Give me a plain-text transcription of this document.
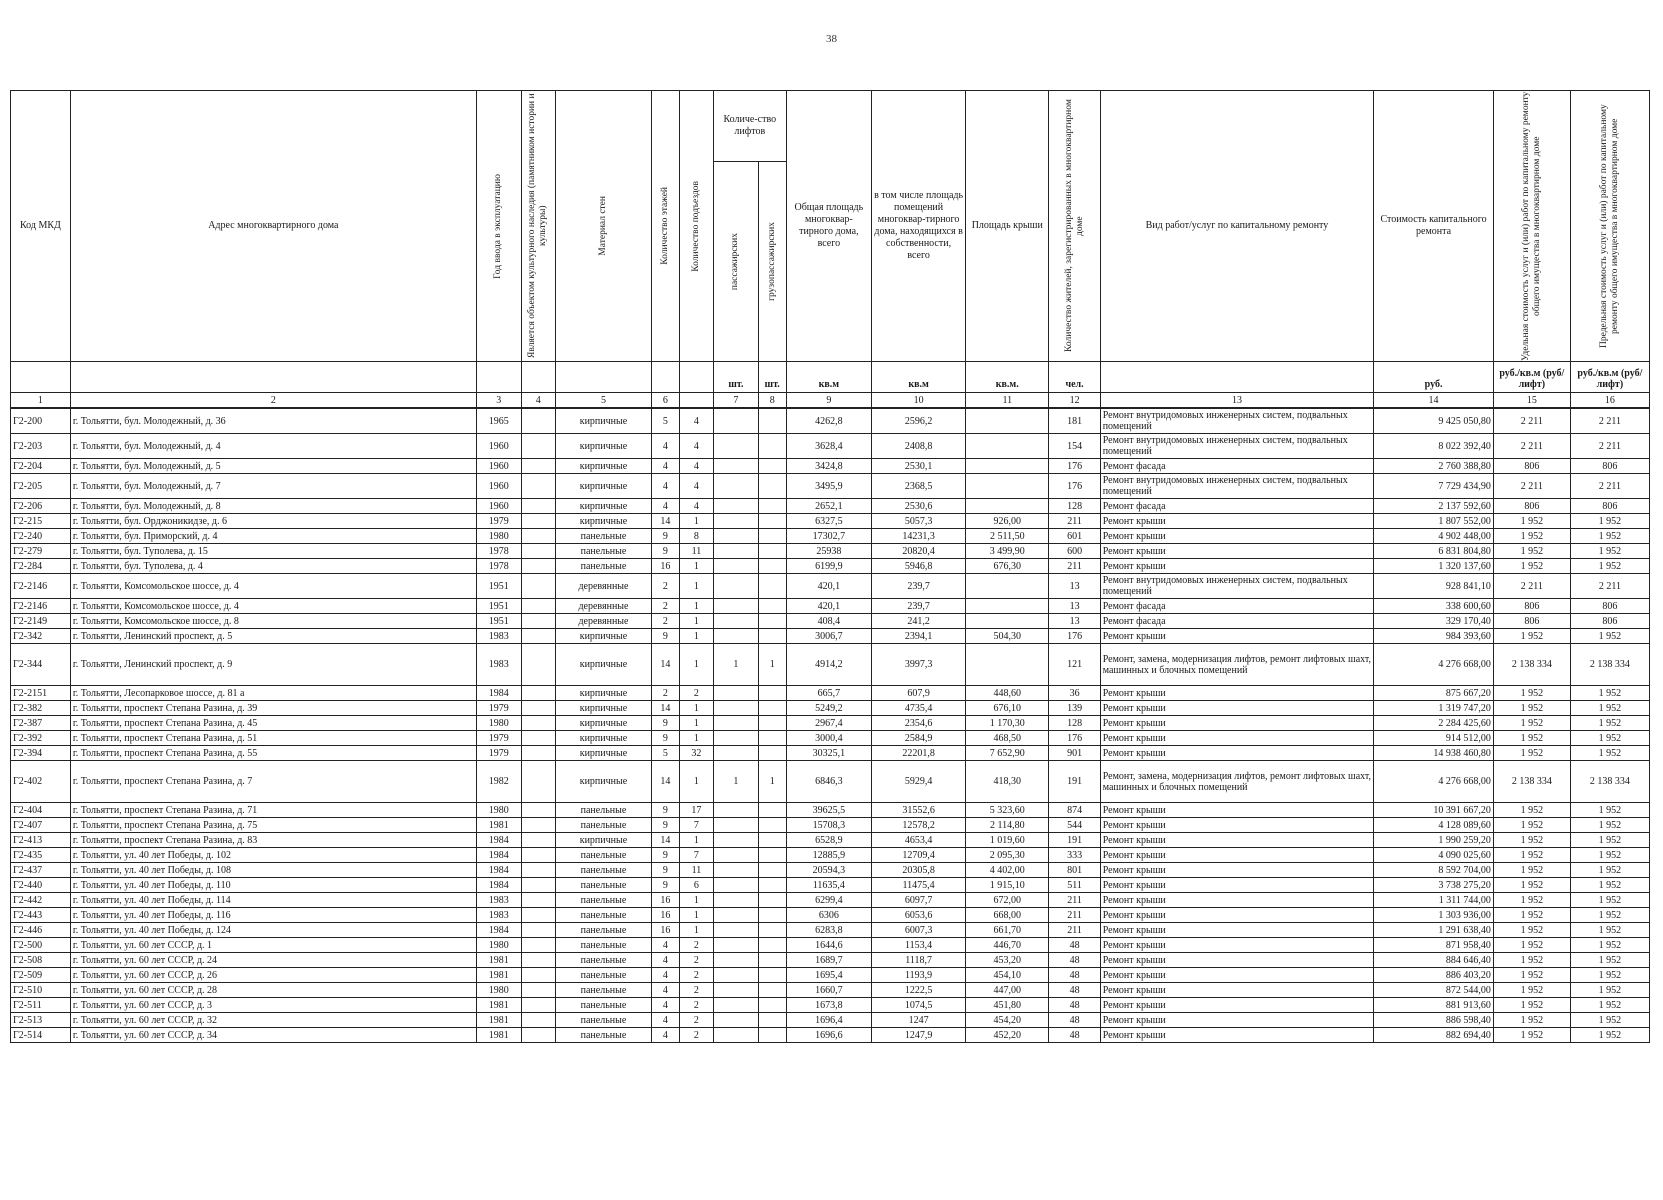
38
Код МКД	Адрес многоквартирного дома	Год ввода в эксплуатацию	Является объектом культурного наследия (памятником истории и культуры)	Материал стен	Количество этажей	Количество подъездов	Количе-ство лифтов		Общая площадь многоквар-тирного дома, всего	в том числе площадь помещений многоквар-тирного дома, находящихся в собственности, всего	Площадь крыши	Количество жителей, зарегистрированных в многоквартирном доме	Вид работ/услуг по капитальному ремонту	Стоимость капитального ремонта	Удельная стоимость услуг и (или) работ по капитальному ремонту общего имущества в многоквартирном доме	Предельная стоимость услуг и (или) работ по капитальному ремонту общего имущества в многоквартирном доме

							пассажирских	грузопассажирских								

							шт.	шт.	кв.м	кв.м	кв.м.	чел.		руб.	руб./кв.м (руб/лифт)	руб./кв.м (руб/лифт)
1	2	3	4	5	6		7	8	9	10	11	12	13	14	15	16
Г2-200	г. Тольятти, бул. Молодежный, д. 36	1965		кирпичные	5	4			4262,8	2596,2		181	Ремонт внутридомовых инженерных систем, подвальных помещений	9 425 050,80	2 211	2 211
Г2-203	г. Тольятти, бул. Молодежный, д. 4	1960		кирпичные	4	4			3628,4	2408,8		154	Ремонт внутридомовых инженерных систем, подвальных помещений	8 022 392,40	2 211	2 211
Г2-204	г. Тольятти, бул. Молодежный, д. 5	1960		кирпичные	4	4			3424,8	2530,1		176	Ремонт фасада	2 760 388,80	806	806
Г2-205	г. Тольятти, бул. Молодежный, д. 7	1960		кирпичные	4	4			3495,9	2368,5		176	Ремонт внутридомовых инженерных систем, подвальных помещений	7 729 434,90	2 211	2 211
Г2-206	г. Тольятти, бул. Молодежный, д. 8	1960		кирпичные	4	4			2652,1	2530,6		128	Ремонт фасада	2 137 592,60	806	806
Г2-215	г. Тольятти, бул. Орджоникидзе, д. 6	1979		кирпичные	14	1			6327,5	5057,3	926,00	211	Ремонт крыши	1 807 552,00	1 952	1 952
Г2-240	г. Тольятти, бул. Приморский, д. 4	1980		панельные	9	8			17302,7	14231,3	2 511,50	601	Ремонт крыши	4 902 448,00	1 952	1 952
Г2-279	г. Тольятти, бул. Туполева, д. 15	1978		панельные	9	11			25938	20820,4	3 499,90	600	Ремонт крыши	6 831 804,80	1 952	1 952
Г2-284	г. Тольятти, бул. Туполева, д. 4	1978		панельные	16	1			6199,9	5946,8	676,30	211	Ремонт крыши	1 320 137,60	1 952	1 952
Г2-2146	г. Тольятти, Комсомольское шоссе, д. 4	1951		деревянные	2	1			420,1	239,7		13	Ремонт внутридомовых инженерных систем, подвальных помещений	928 841,10	2 211	2 211
Г2-2146	г. Тольятти, Комсомольское шоссе, д. 4	1951		деревянные	2	1			420,1	239,7		13	Ремонт фасада	338 600,60	806	806
Г2-2149	г. Тольятти, Комсомольское шоссе, д. 8	1951		деревянные	2	1			408,4	241,2		13	Ремонт фасада	329 170,40	806	806
Г2-342	г. Тольятти, Ленинский проспект, д. 5	1983		кирпичные	9	1			3006,7	2394,1	504,30	176	Ремонт крыши	984 393,60	1 952	1 952
Г2-344	г. Тольятти, Ленинский проспект, д. 9	1983		кирпичные	14	1	1	1	4914,2	3997,3		121	Ремонт, замена, модернизация лифтов, ремонт лифтовых шахт, машинных и блочных помещений	4 276 668,00	2 138 334	2 138 334
Г2-2151	г. Тольятти, Лесопарковое шоссе, д. 81 а	1984		кирпичные	2	2			665,7	607,9	448,60	36	Ремонт крыши	875 667,20	1 952	1 952
Г2-382	г. Тольятти, проспект Степана Разина, д. 39	1979		кирпичные	14	1			5249,2	4735,4	676,10	139	Ремонт крыши	1 319 747,20	1 952	1 952
Г2-387	г. Тольятти, проспект Степана Разина, д. 45	1980		кирпичные	9	1			2967,4	2354,6	1 170,30	128	Ремонт крыши	2 284 425,60	1 952	1 952
Г2-392	г. Тольятти, проспект Степана Разина, д. 51	1979		кирпичные	9	1			3000,4	2584,9	468,50	176	Ремонт крыши	914 512,00	1 952	1 952
Г2-394	г. Тольятти, проспект Степана Разина, д. 55	1979		кирпичные	5	32			30325,1	22201,8	7 652,90	901	Ремонт крыши	14 938 460,80	1 952	1 952
Г2-402	г. Тольятти, проспект Степана Разина, д. 7	1982		кирпичные	14	1	1	1	6846,3	5929,4	418,30	191	Ремонт, замена, модернизация лифтов, ремонт лифтовых шахт, машинных и блочных помещений	4 276 668,00	2 138 334	2 138 334
Г2-404	г. Тольятти, проспект Степана Разина, д. 71	1980		панельные	9	17			39625,5	31552,6	5 323,60	874	Ремонт крыши	10 391 667,20	1 952	1 952
Г2-407	г. Тольятти, проспект Степана Разина, д. 75	1981		панельные	9	7			15708,3	12578,2	2 114,80	544	Ремонт крыши	4 128 089,60	1 952	1 952
Г2-413	г. Тольятти, проспект Степана Разина, д. 83	1984		кирпичные	14	1			6528,9	4653,4	1 019,60	191	Ремонт крыши	1 990 259,20	1 952	1 952
Г2-435	г. Тольятти, ул. 40 лет Победы, д. 102	1984		панельные	9	7			12885,9	12709,4	2 095,30	333	Ремонт крыши	4 090 025,60	1 952	1 952
Г2-437	г. Тольятти, ул. 40 лет Победы, д. 108	1984		панельные	9	11			20594,3	20305,8	4 402,00	801	Ремонт крыши	8 592 704,00	1 952	1 952
Г2-440	г. Тольятти, ул. 40 лет Победы, д. 110	1984		панельные	9	6			11635,4	11475,4	1 915,10	511	Ремонт крыши	3 738 275,20	1 952	1 952
Г2-442	г. Тольятти, ул. 40 лет Победы, д. 114	1983		панельные	16	1			6299,4	6097,7	672,00	211	Ремонт крыши	1 311 744,00	1 952	1 952
Г2-443	г. Тольятти, ул. 40 лет Победы, д. 116	1983		панельные	16	1			6306	6053,6	668,00	211	Ремонт крыши	1 303 936,00	1 952	1 952
Г2-446	г. Тольятти, ул. 40 лет Победы, д. 124	1984		панельные	16	1			6283,8	6007,3	661,70	211	Ремонт крыши	1 291 638,40	1 952	1 952
Г2-500	г. Тольятти, ул. 60 лет СССР, д. 1	1980		панельные	4	2			1644,6	1153,4	446,70	48	Ремонт крыши	871 958,40	1 952	1 952
Г2-508	г. Тольятти, ул. 60 лет СССР, д. 24	1981		панельные	4	2			1689,7	1118,7	453,20	48	Ремонт крыши	884 646,40	1 952	1 952
Г2-509	г. Тольятти, ул. 60 лет СССР, д. 26	1981		панельные	4	2			1695,4	1193,9	454,10	48	Ремонт крыши	886 403,20	1 952	1 952
Г2-510	г. Тольятти, ул. 60 лет СССР, д. 28	1980		панельные	4	2			1660,7	1222,5	447,00	48	Ремонт крыши	872 544,00	1 952	1 952
Г2-511	г. Тольятти, ул. 60 лет СССР, д. 3	1981		панельные	4	2			1673,8	1074,5	451,80	48	Ремонт крыши	881 913,60	1 952	1 952
Г2-513	г. Тольятти, ул. 60 лет СССР, д. 32	1981		панельные	4	2			1696,4	1247	454,20	48	Ремонт крыши	886 598,40	1 952	1 952
Г2-514	г. Тольятти, ул. 60 лет СССР, д. 34	1981		панельные	4	2			1696,6	1247,9	452,20	48	Ремонт крыши	882 694,40	1 952	1 952
